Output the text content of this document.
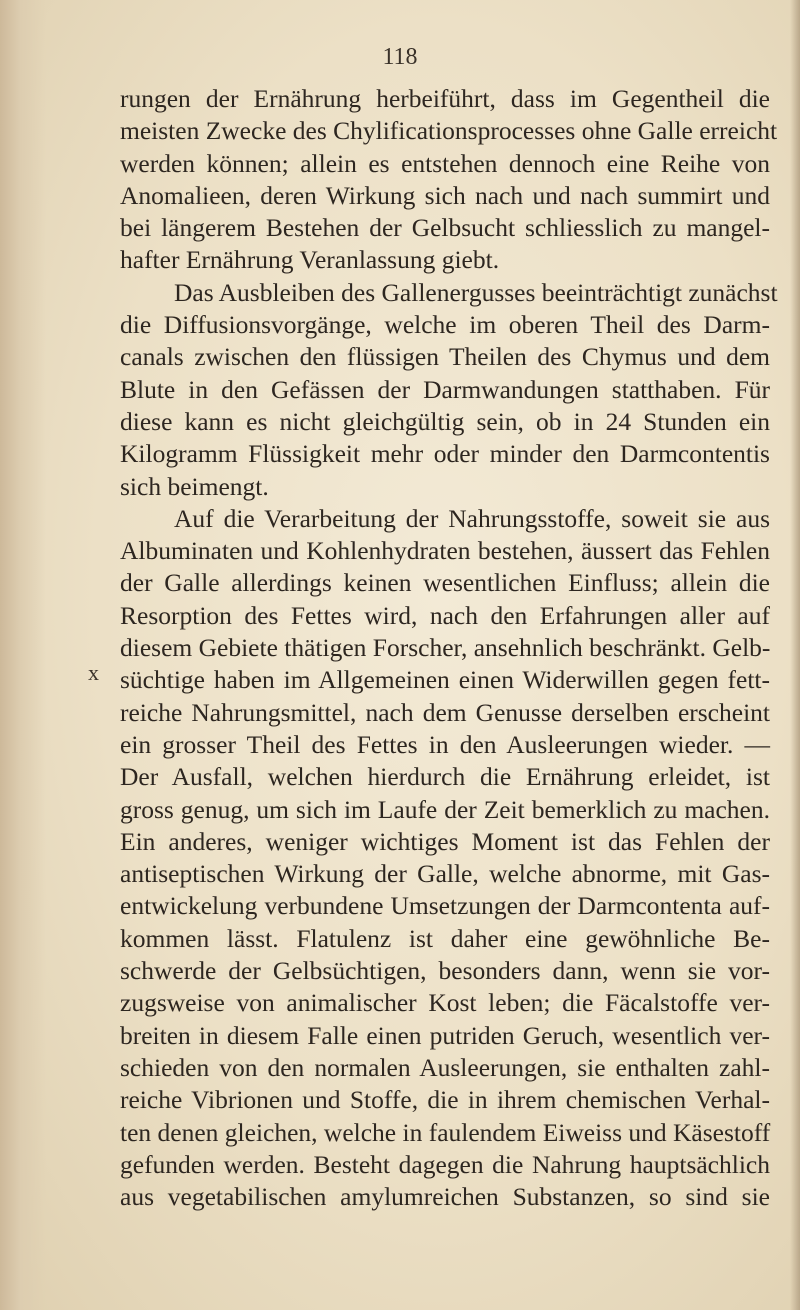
118
x
rungen der Ernährung herbeiführt, dass im Gegentheil die
meisten Zwecke des Chylificationsprocesses ohne Galle erreicht
werden können; allein es entstehen dennoch eine Reihe von
Anomalieen, deren Wirkung sich nach und nach summirt und
bei längerem Bestehen der Gelbsucht schliesslich zu mangel-
hafter Ernährung Veranlassung giebt.
Das Ausbleiben des Gallenergusses beeinträchtigt zunächst
die Diffusionsvorgänge, welche im oberen Theil des Darm-
canals zwischen den flüssigen Theilen des Chymus und dem
Blute in den Gefässen der Darmwandungen statthaben. Für
diese kann es nicht gleichgültig sein, ob in 24 Stunden ein
Kilogramm Flüssigkeit mehr oder minder den Darmcontentis
sich beimengt.
Auf die Verarbeitung der Nahrungsstoffe, soweit sie aus
Albuminaten und Kohlenhydraten bestehen, äussert das Fehlen
der Galle allerdings keinen wesentlichen Einfluss; allein die
Resorption des Fettes wird, nach den Erfahrungen aller auf
diesem Gebiete thätigen Forscher, ansehnlich beschränkt. Gelb-
süchtige haben im Allgemeinen einen Widerwillen gegen fett-
reiche Nahrungsmittel, nach dem Genusse derselben erscheint
ein grosser Theil des Fettes in den Ausleerungen wieder. —
Der Ausfall, welchen hierdurch die Ernährung erleidet, ist
gross genug, um sich im Laufe der Zeit bemerklich zu machen.
Ein anderes, weniger wichtiges Moment ist das Fehlen der
antiseptischen Wirkung der Galle, welche abnorme, mit Gas-
entwickelung verbundene Umsetzungen der Darmcontenta auf-
kommen lässt. Flatulenz ist daher eine gewöhnliche Be-
schwerde der Gelbsüchtigen, besonders dann, wenn sie vor-
zugsweise von animalischer Kost leben; die Fäcalstoffe ver-
breiten in diesem Falle einen putriden Geruch, wesentlich ver-
schieden von den normalen Ausleerungen, sie enthalten zahl-
reiche Vibrionen und Stoffe, die in ihrem chemischen Verhal-
ten denen gleichen, welche in faulendem Eiweiss und Käsestoff
gefunden werden. Besteht dagegen die Nahrung hauptsächlich
aus vegetabilischen amylumreichen Substanzen, so sind sie
